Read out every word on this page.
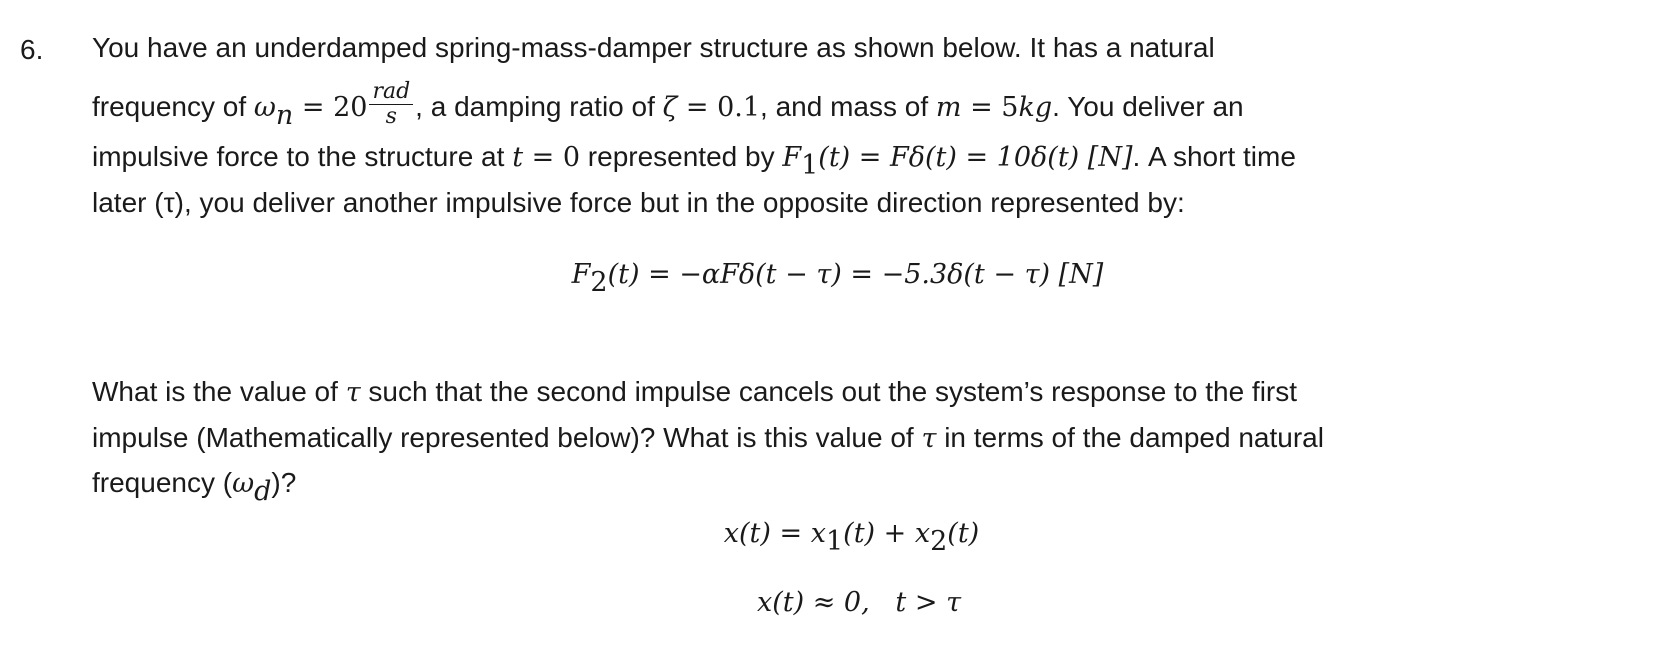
6. You have an underdamped spring-mass-damper structure as shown below. It has a natural
frequency of $\omega_n = 20 \frac{\text{rad}}{s}$ , a damping ratio of ζ = 0.1, and mass of m = 5kg. You deliver an
impulsive force to the structure at t = 0 represented by $F_1(t) = F\delta(t) = 10\delta(t)$ [N]. A short time
later (τ), you deliver another impulsive force but in the opposite direction represented by:
$F_2(t) = -\alpha F\delta(t - \tau) = -5.3\delta(t - \tau)$ [N]
What is the value of τ such that the second impulse cancels out the system’s response to the first
impulse (Mathematically represented below)? What is this value of τ in terms of the damped natural
frequency $(\omega_d)$?
$x(t) = x_1(t) + x_2(t)$

x(t) ≈ 0,   t > τ
